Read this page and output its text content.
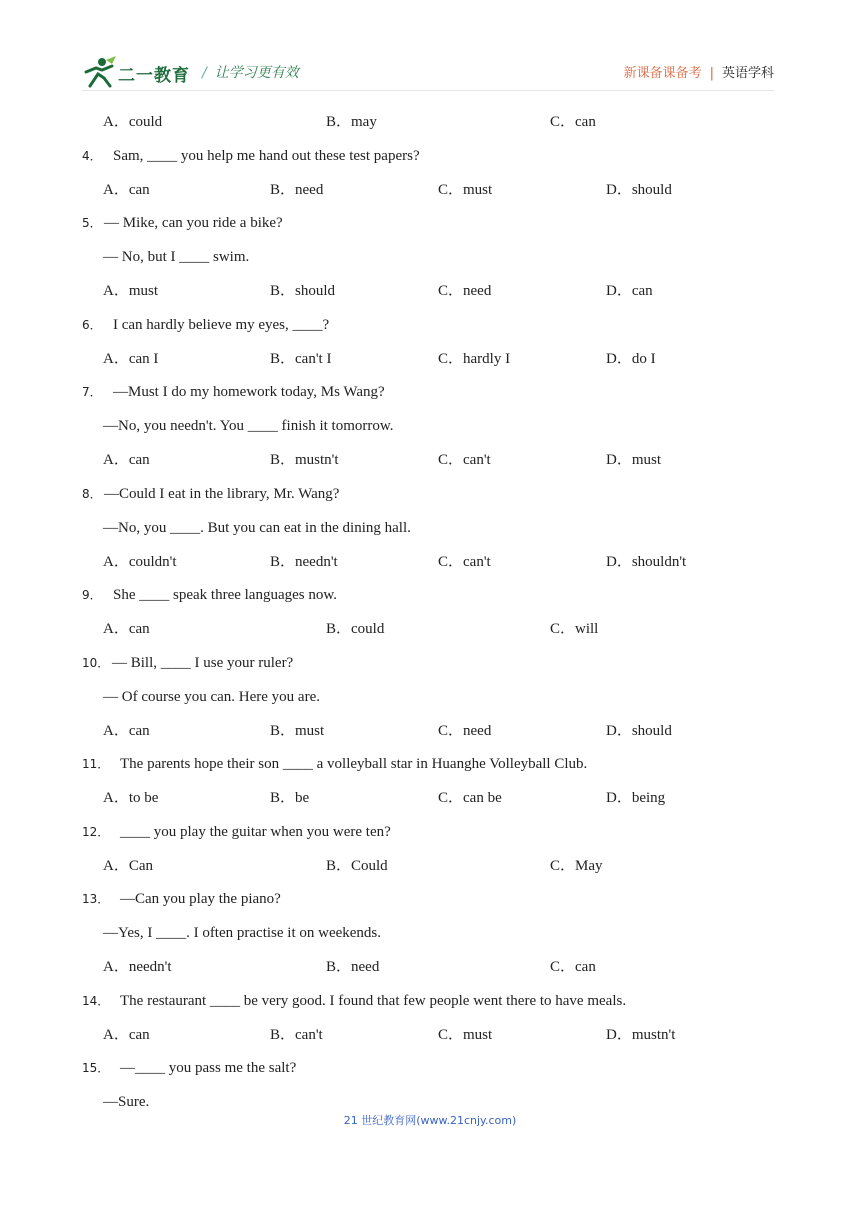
二一教育 / 让学习更有效	新课备课备考 | 英语学科
A．could	B．may	C．can
4． Sam, ____ you help me hand out these test papers?
A．can	B．need	C．must	D．should
5． — Mike, can you ride a bike?
— No, but I ____ swim.
A．must	B．should	C．need	D．can
6． I can hardly believe my eyes, ____?
A．can I	B．can't I	C．hardly I	D．do I
7． —Must I do my homework today, Ms Wang?
—No, you needn't. You ____ finish it tomorrow.
A．can	B．mustn't	C．can't	D．must
8． —Could I eat in the library, Mr. Wang?
—No, you ____. But you can eat in the dining hall.
A．couldn't	B．needn't	C．can't	D．shouldn't
9． She ____ speak three languages now.
A．can	B．could	C．will
10． — Bill, ____ I use your ruler?
— Of course you can. Here you are.
A．can	B．must	C．need	D．should
11． The parents hope their son ____ a volleyball star in Huanghe Volleyball Club.
A．to be	B．be	C．can be	D．being
12． ____ you play the guitar when you were ten?
A．Can	B．Could	C．May
13． —Can you play the piano?
—Yes, I ____. I often practise it on weekends.
A．needn't	B．need	C．can
14． The restaurant ____ be very good. I found that few people went there to have meals.
A．can	B．can't	C．must	D．mustn't
15． —____ you pass me the salt?
—Sure.
21 世纪教育网(www.21cnjy.com)
